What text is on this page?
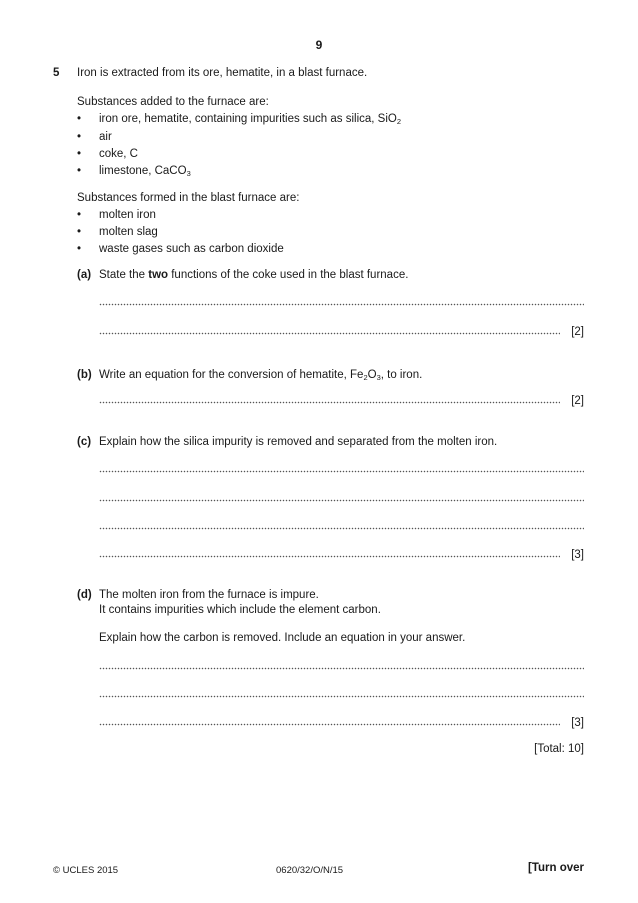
9
5 Iron is extracted from its ore, hematite, in a blast furnace.
Substances added to the furnace are:
• iron ore, hematite, containing impurities such as silica, SiO$_2$
• air
• coke, C
• limestone, CaCO$_3$
Substances formed in the blast furnace are:
• molten iron
• molten slag
• waste gases such as carbon dioxide
(a) State the two functions of the coke used in the blast furnace.
[2]
(b) Write an equation for the conversion of hematite, $Fe_2O_3$, to iron.
[2]
(c) Explain how the silica impurity is removed and separated from the molten iron.
[3]
(d) The molten iron from the furnace is impure.
It contains impurities which include the element carbon.
Explain how the carbon is removed. Include an equation in your answer.
[3]
[Total: 10]
© UCLES 2015	0620/32/O/N/15	[Turn over
